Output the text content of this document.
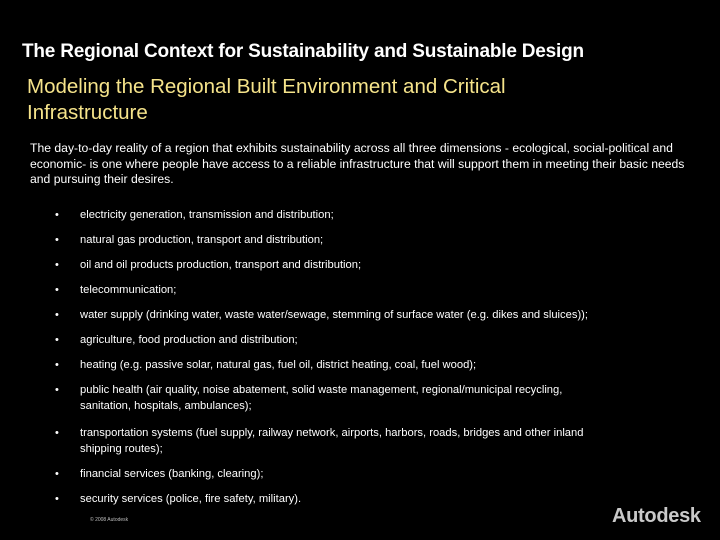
The Regional Context for Sustainability and Sustainable Design
Modeling the Regional Built Environment and Critical
Infrastructure
The day-to-day reality of a region that exhibits sustainability across all three dimensions - ecological, social-political and economic- is one where people have access to a reliable infrastructure that will support them in meeting their basic needs and pursuing their desires.
• electricity generation, transmission and distribution;
• natural gas production, transport and distribution;
• oil and oil products production, transport and distribution;
• telecommunication;
• water supply (drinking water, waste water/sewage, stemming of surface water (e.g. dikes and sluices));
• agriculture, food production and distribution;
• heating (e.g. passive solar, natural gas, fuel oil, district heating, coal, fuel wood);
• public health (air quality, noise abatement, solid waste management, regional/municipal recycling,
sanitation, hospitals, ambulances);
• transportation systems (fuel supply, railway network, airports, harbors, roads, bridges and other inland
shipping routes);
• financial services (banking, clearing);
• security services (police, fire safety, military).
© 2008 Autodesk	Autodesk
